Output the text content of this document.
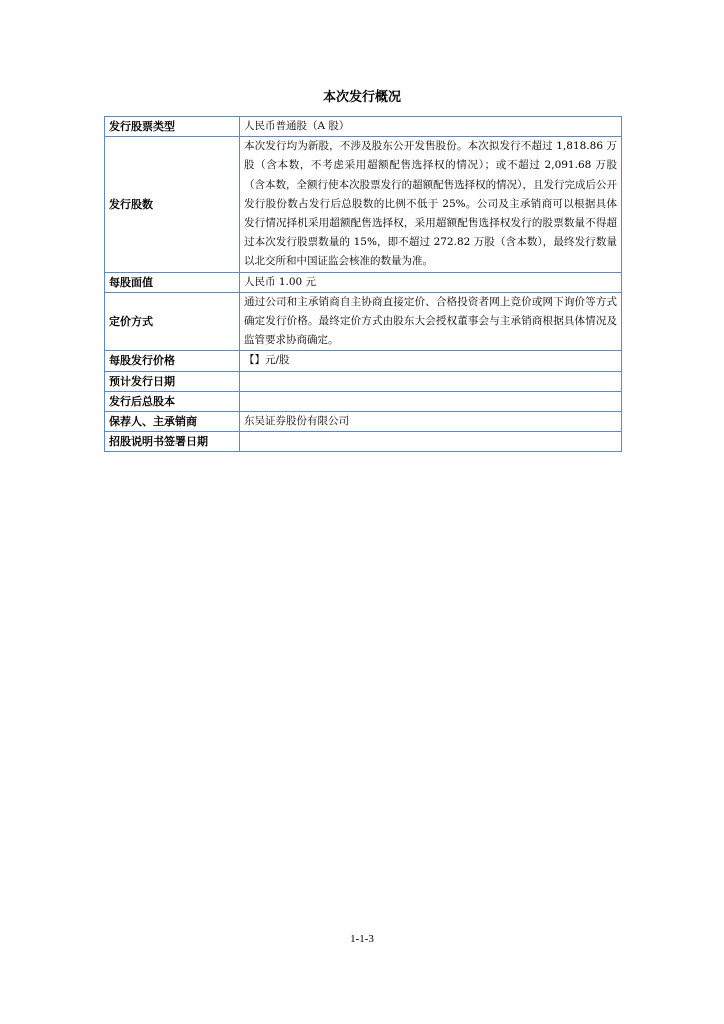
本次发行概况
发行股票类型	人民币普通股（A 股）
发行股数	本次发行均为新股，不涉及股东公开发售股份。本次拟发行不超过 1,818.86 万股（含本数，不考虑采用超额配售选择权的情况）；或不超过 2,091.68 万股（含本数，全额行使本次股票发行的超额配售选择权的情况），且发行完成后公开发行股份数占发行后总股数的比例不低于 25%。公司及主承销商可以根据具体发行情况择机采用超额配售选择权，采用超额配售选择权发行的股票数量不得超过本次发行股票数量的 15%，即不超过 272.82 万股（含本数），最终发行数量以北交所和中国证监会核准的数量为准。
每股面值	人民币 1.00 元
定价方式	通过公司和主承销商自主协商直接定价、合格投资者网上竞价或网下询价等方式确定发行价格。最终定价方式由股东大会授权董事会与主承销商根据具体情况及监管要求协商确定。
每股发行价格	【】元/股
预计发行日期	
发行后总股本	
保荐人、主承销商	东吴证券股份有限公司
招股说明书签署日期	
1-1-3
